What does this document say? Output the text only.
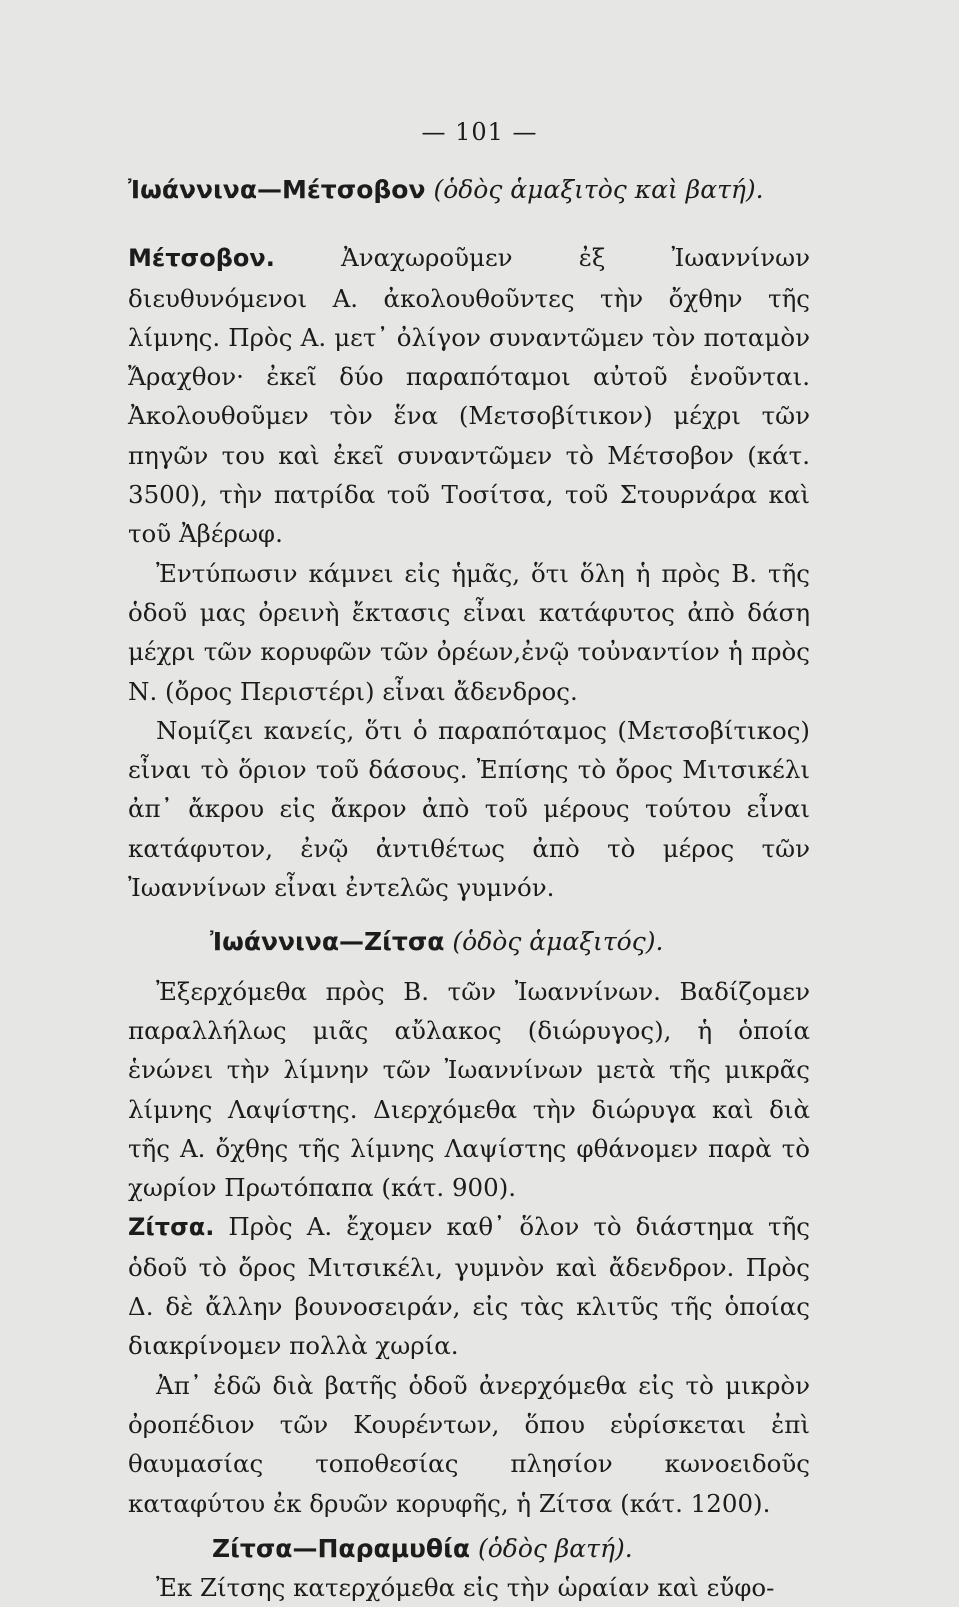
— 101 —

Ἰωάννινα—Μέτσοβον (ὁδὸς ἁμαξιτὸς καὶ βατή).

Μέτσοβον. Ἀναχωροῦμεν ἐξ Ἰωαννίνων διευθυνόμενοι Α. ἀκολουθοῦντες τὴν ὄχθην τῆς λίμνης. Πρὸς Α. μετ᾽ ὀλίγον συναντῶμεν τὸν ποταμὸν Ἄραχθον· ἐκεῖ δύο παραπόταμοι αὐτοῦ ἑνοῦνται. Ἀκολουθοῦμεν τὸν ἕνα (Μετσοβίτικον) μέχρι τῶν πηγῶν του καὶ ἐκεῖ συναντῶμεν τὸ Μέτσοβον (κάτ. 3500), τὴν πατρίδα τοῦ Τοσίτσα, τοῦ Στουρνάρα καὶ τοῦ Ἀβέρωφ.

Ἐντύπωσιν κάμνει εἰς ἡμᾶς, ὅτι ὅλη ἡ πρὸς Β. τῆς ὁδοῦ μας ὀρεινὴ ἔκτασις εἶναι κατάφυτος ἀπὸ δάση μέχρι τῶν κορυφῶν τῶν ὀρέων,ἐνῷ τοὐναντίον ἡ πρὸς Ν. (ὄρος Περιστέρι) εἶναι ἄδενδρος.

Νομίζει κανείς, ὅτι ὁ παραπόταμος (Μετσοβίτικος) εἶναι τὸ ὅριον τοῦ δάσους. Ἐπίσης τὸ ὄρος Μιτσικέλι ἀπ᾽ ἄκρου εἰς ἄκρον ἀπὸ τοῦ μέρους τούτου εἶναι κατάφυτον, ἐνῷ ἀντιθέτως ἀπὸ τὸ μέρος τῶν Ἰωαννίνων εἶναι ἐντελῶς γυμνόν.

Ἰωάννινα—Ζίτσα (ὁδὸς ἁμαξιτός).

Ἐξερχόμεθα πρὸς Β. τῶν Ἰωαννίνων. Βαδίζομεν παραλλήλως μιᾶς αὔλακος (διώρυγος), ἡ ὁποία ἑνώνει τὴν λίμνην τῶν Ἰωαννίνων μετὰ τῆς μικρᾶς λίμνης Λαψίστης. Διερχόμεθα τὴν διώρυγα καὶ διὰ τῆς Α. ὄχθης τῆς λίμνης Λαψίστης φθάνομεν παρὰ τὸ χωρίον Πρωτόπαπα (κάτ. 900).

Ζίτσα. Πρὸς Α. ἔχομεν καθ᾽ ὅλον τὸ διάστημα τῆς ὁδοῦ τὸ ὄρος Μιτσικέλι, γυμνὸν καὶ ἄδενδρον. Πρὸς Δ. δὲ ἄλλην βουνοσειράν, εἰς τὰς κλιτῦς τῆς ὁποίας διακρίνομεν πολλὰ χωρία.

Ἀπ᾽ ἐδῶ διὰ βατῆς ὁδοῦ ἀνερχόμεθα εἰς τὸ μικρὸν ὀροπέδιον τῶν Κουρέντων, ὅπου εὑρίσκεται ἐπὶ θαυμασίας τοποθεσίας πλησίον κωνοειδοῦς καταφύτου ἐκ δρυῶν κορυφῆς, ἡ Ζίτσα (κάτ. 1200).

Ζίτσα—Παραμυθία (ὁδὸς βατή).

Ἐκ Ζίτσης κατερχόμεθα εἰς τὴν ὡραίαν καὶ εὔφο-
